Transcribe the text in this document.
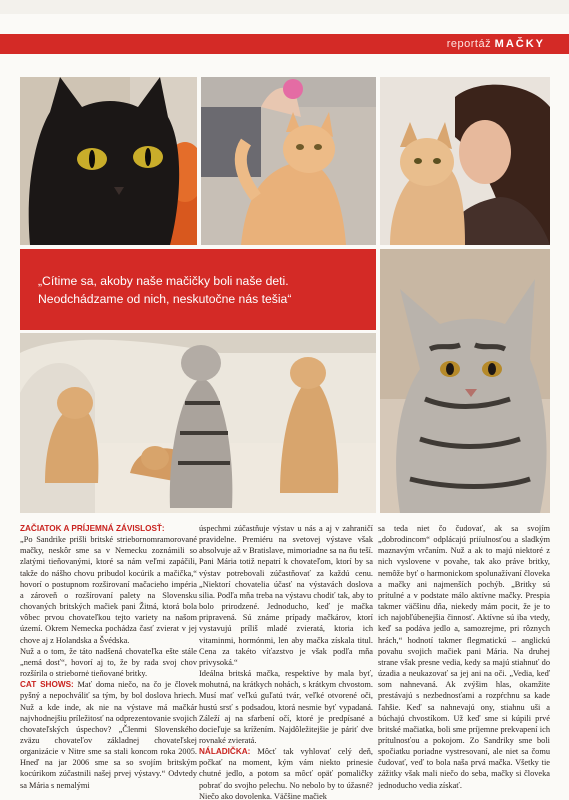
reportáž MAČKY

„Cítime sa, akoby naše mačičky boli naše deti.
Neodchádzame od nich, neskutočne nás tešia“

ZAČIATOK A PRÍJEMNÁ ZÁVISLOSŤ:
„Po Sandrike prišli britské striebornomramorované mačky, neskôr sme sa v Nemecku zoznámili so zlatými tieňovanými, ktoré sa nám veľmi zapáčili, takže do nášho chovu pribudol kocúrik a mačička,“ hovorí o postupnom rozširovaní mačacieho impéria a zároveň o rozšírovaní palety na Slovensku chovaných britských mačiek pani Žitná, ktorá bola vôbec prvou chovateľkou tejto variety na našom území. Okrem Nemecka pochádza časť zvierat v jej chove aj z Holandska a Švédska.

Nuž a o tom, že táto nadšená chovateľka ešte stále „nemá dosť“, hovorí aj to, že by rada svoj chov rozšírila o striebornė tieňované britky.

CAT SHOWS: Mať doma niečo, na čo je človek pyšný a nepochváliť sa tým, by bol doslova hriech. Nuž a kde inde, ak nie na výstave má mačkár najvhodnejšiu príležitosť na odprezentovanie svojich chovateľských úspechov? „Členmi Slovenského zväzu chovateľov základnej chovateľskej organizácie v Nitre sme sa stali koncom roka 2005. Hneď na jar 2006 sme sa so svojím britským kocúrikom zúčastnili našej prvej výstavy.“ Odvtedy sa Mária s nemalými

úspechmi zúčastňuje výstav u nás a aj v zahraničí pravidelne. Premiéru na svetovej výstave však absolvuje až v Bratislave, mimoriadne sa na ňu teší. Pani Mária totiž nepatrí k chovateľom, ktorí by sa výstav potrebovali zúčastňovať za každú cenu. „Niektorí chovatelia účasť na výstavách doslova silia. Podľa mňa treba na výstavu chodiť tak, aby to bolo prirodzené. Jednoducho, keď je mačka pripravená. Sú známe prípady mačkárov, ktorí vystavujú príliš mladé zvieratá, ktoria ich vitaminmi, hormónmi, len aby mačka získala titul. Cena za takéto víťazstvo je však podľa mňa privysoká.“

Ideálna britská mačka, respektíve by mala byť, mohutná, na krátkych nohách, s krátkym chvostom. Musí mať veľkú guľatú tvár, veľké otvorené oči, hustú srsť s podsadou, ktorá nesmie byť vypadaná. Záleží aj na sfarbení očí, ktoré je predpísané a docieľuje sa krížením. Najdôležitejšie je páriť dve rovnaké zvieratá.

NÁLADIČKA: Môcť tak vyhlovať celý deň, počkať na moment, kým vám niekto prinesie chutné jedlo, a potom sa môcť opäť pomaličky pobrať do svojho pelechu. No nebolo by to úžasné? Niečo ako dovolenka. Väčšine mačiek

sa teda niet čo čudovať, ak sa svojím „dobrodincom“ odplácajú priíulnosťou a sladkým maznavým vrčaním. Nuž a ak to majú niektoré z nich vyslovene v povahe, tak ako práve britky, nemôže byť o harmonickom spolunažívaní človeka a mačky ani najmenších pochýb. „Britky sú prítulné a v podstate málo aktívne mačky. Prespia takmer väčšinu dňa, niekedy mám pocit, že je to ich najobľúbenejšia činnosť. Aktívne sú iba vtedy, keď sa podáva jedlo a, samozrejme, pri rôznych hrách,“ hodnotí takmer flegmatickú – anglickú povahu svojich mačiek pani Mária. Na druhej strane však presne vedia, kedy sa majú stiahnuť do úzadia a neukazovať sa jej ani na oči. „Vedia, keď som nahnevaná. Ak zvýšim hlas, okamžite prestávajú s nezbednosťami a rozpŕchnu sa kade ľahšie. Keď sa nahnevajú ony, stiahnu uši a búchajú chvostíkom. Už keď sme si kúpili prvé britské mačiatka, boli sme príjemne prekvapení ich prítulnosťou a pokojom. Zo Sandriky sme boli spočiatku poriadne vystresovaní, ale niet sa čomu čudovať, veď to bola naša prvá mačka. Všetky tie zážitky však mali niečo do seba, mačky si človeka jednoducho vedia získať.
